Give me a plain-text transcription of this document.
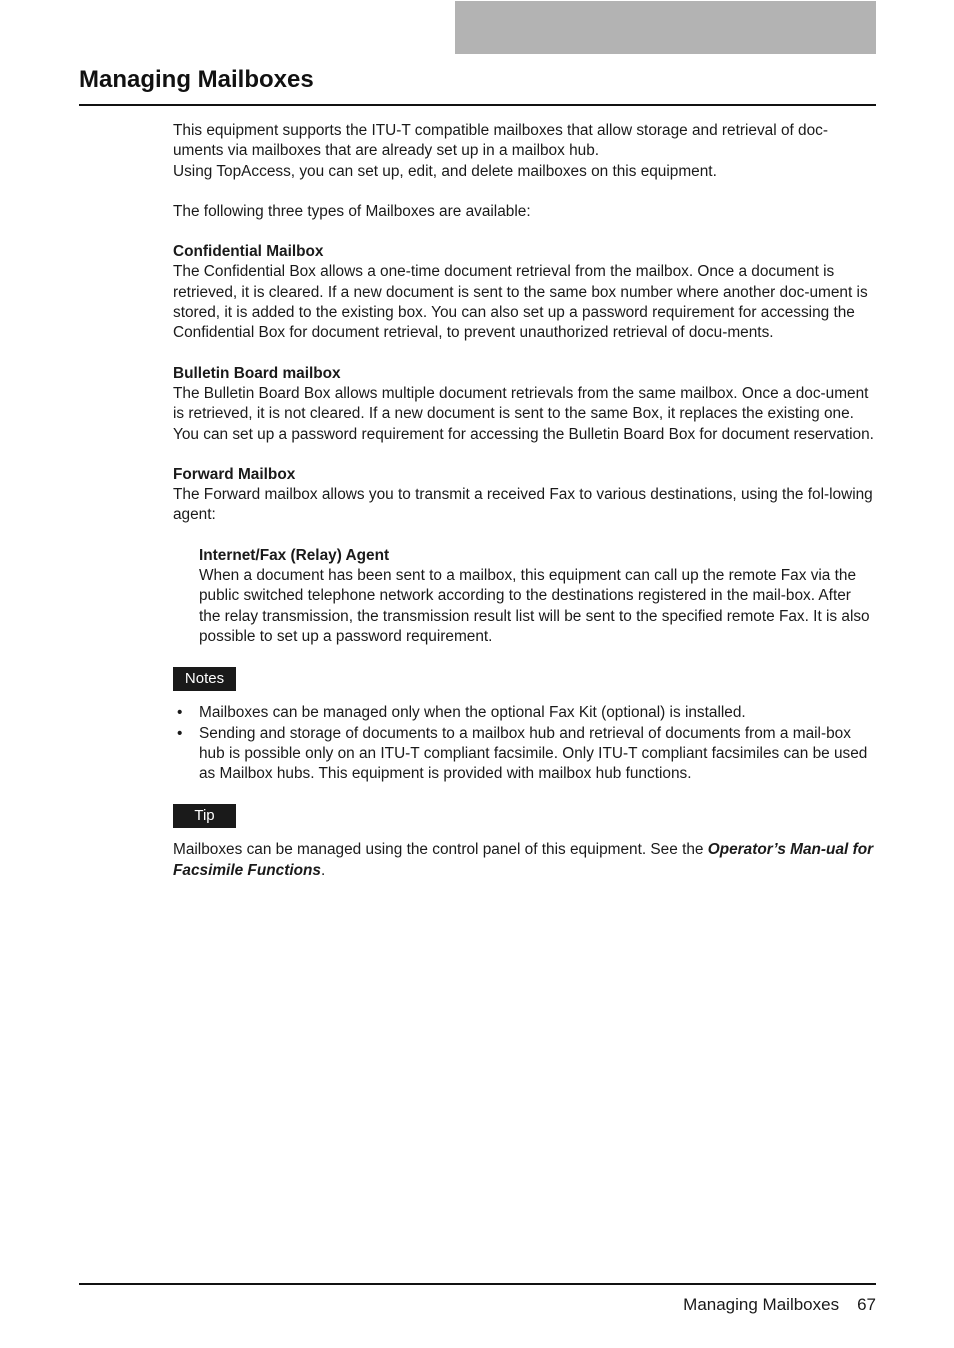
Managing Mailboxes

This equipment supports the ITU-T compatible mailboxes that allow storage and retrieval of doc-uments via mailboxes that are already set up in a mailbox hub.

Using TopAccess, you can set up, edit, and delete mailboxes on this equipment.

The following three types of Mailboxes are available:

Confidential Mailbox

The Confidential Box allows a one-time document retrieval from the mailbox. Once a document is retrieved, it is cleared. If a new document is sent to the same box number where another doc-ument is stored, it is added to the existing box. You can also set up a password requirement for accessing the Confidential Box for document retrieval, to prevent unauthorized retrieval of docu-ments.

Bulletin Board mailbox

The Bulletin Board Box allows multiple document retrievals from the same mailbox. Once a doc-ument is retrieved, it is not cleared. If a new document is sent to the same Box, it replaces the existing one. You can set up a password requirement for accessing the Bulletin Board Box for document reservation.

Forward Mailbox

The Forward mailbox allows you to transmit a received Fax to various destinations, using the fol-lowing agent:

Internet/Fax (Relay) Agent

When a document has been sent to a mailbox, this equipment can call up the remote Fax via the public switched telephone network according to the destinations registered in the mail-box. After the relay transmission, the transmission result list will be sent to the specified remote Fax. It is also possible to set up a password requirement.

Notes
• Mailboxes can be managed only when the optional Fax Kit (optional) is installed.
• Sending and storage of documents to a mailbox hub and retrieval of documents from a mail-box hub is possible only on an ITU-T compliant facsimile. Only ITU-T compliant facsimiles can be used as Mailbox hubs. This equipment is provided with mailbox hub functions.
Tip

Mailboxes can be managed using the control panel of this equipment. See the Operator’s Man-ual for Facsimile Functions.

Managing Mailboxes 67
